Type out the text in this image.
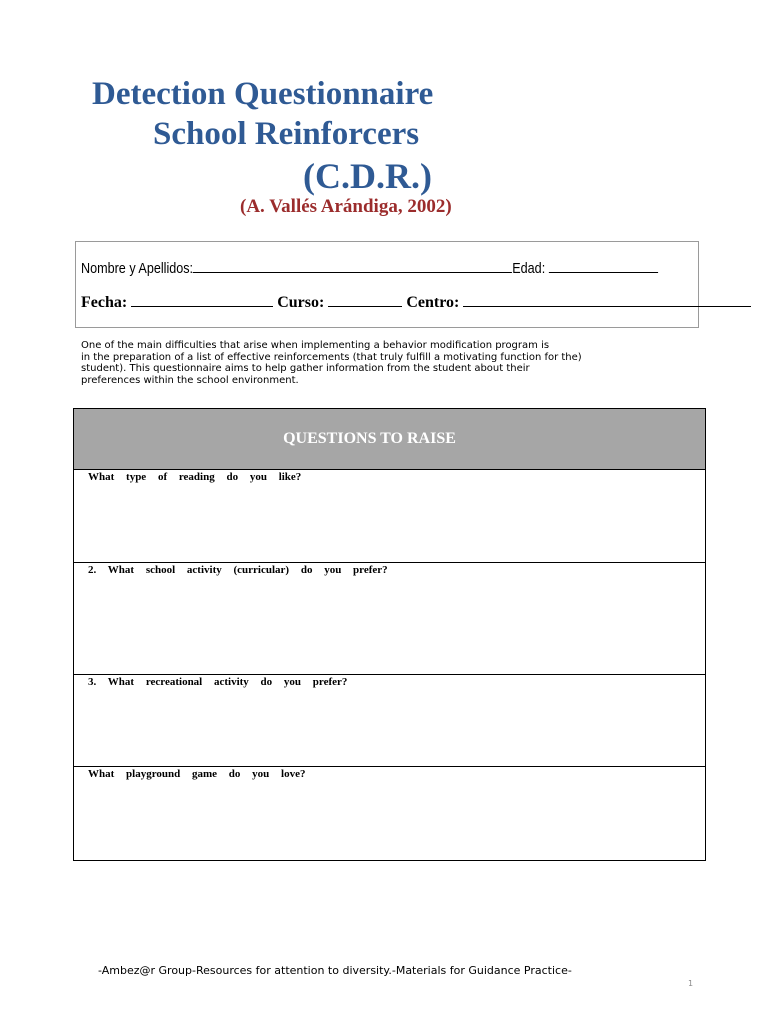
Detection Questionnaire
School Reinforcers
(C.D.R.)
(A. Vallés Arándiga, 2002)
Nombre y Apellidos:	Edad:
Fecha:	Curso:	Centro:
One of the main difficulties that arise when implementing a behavior modification program is
in the preparation of a list of effective reinforcements (that truly fulfill a motivating function for the)
student). This questionnaire aims to help gather information from the student about their
preferences within the school environment.
QUESTIONS TO RAISE
What type of reading do you like?
2. What school activity (curricular) do you prefer?
3. What recreational activity do you prefer?
What playground game do you love?
-Ambez@r Group-Resources for attention to diversity.-Materials for Guidance Practice-
1
